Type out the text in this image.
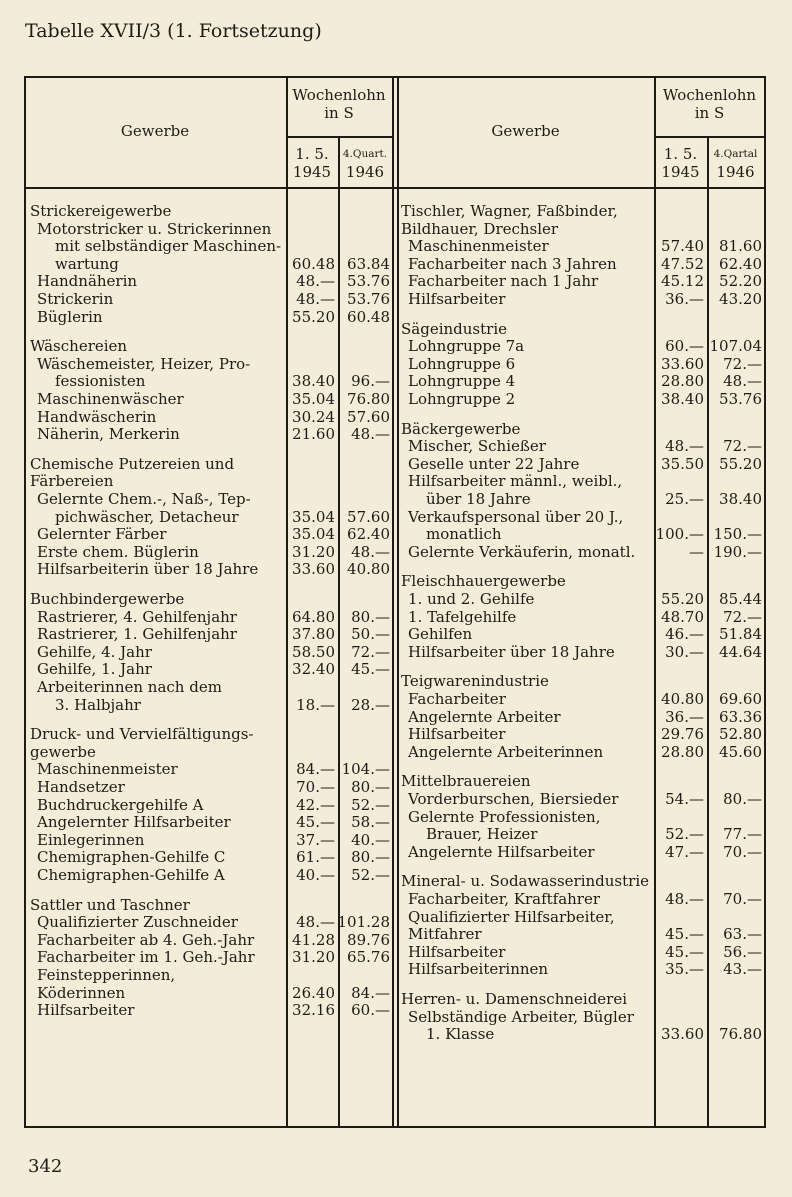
Tabelle XVII/3 (1. Fortsetzung)
Gewerbe
Wochenlohn
in S
1. 5.
1945
4.Quart.
1946
Gewerbe
Wochenlohn
in S
1. 5.
1945
4.Qartal
1946
Strickereigewerbe
Motorstricker u. Strickerinnen
mit selbständiger Maschinen-
wartung	60.48 63.84
Handnäherin	48.— 53.76
Strickerin	48.— 53.76
Büglerin	55.20 60.48
Wäschereien
Wäschemeister, Heizer, Pro-
fessionisten	38.40 96.—
Maschinenwäscher	35.04 76.80
Handwäscherin	30.24 57.60
Näherin, Merkerin	21.60 48.—
Chemische Putzereien und
Färbereien
Gelernte Chem.-, Naß-, Tep-
pichwäscher, Detacheur	35.04 57.60
Gelernter Färber	35.04 62.40
Erste chem. Büglerin	31.20 48.—
Hilfsarbeiterin über 18 Jahre 33.60 40.80
Buchbindergewerbe
Rastrierer, 4. Gehilfenjahr	64.80 80.—
Rastrierer, 1. Gehilfenjahr	37.80 50.—
Gehilfe, 4. Jahr	58.50 72.—
Gehilfe, 1. Jahr	32.40 45.—
Arbeiterinnen nach dem
3. Halbjahr	18.— 28.—
Druck- und Vervielfältigungs-
gewerbe
Maschinenmeister	84.— 104.—
Handsetzer	70.— 80.—
Buchdruckergehilfe A	42.— 52.—
Angelernter Hilfsarbeiter	45.— 58.—
Einlegerinnen	37.— 40.—
Chemigraphen-Gehilfe C	61.— 80.—
Chemigraphen-Gehilfe A	40.— 52.—
Sattler und Taschner
Qualifizierter Zuschneider	48.— 101.28
Facharbeiter ab 4. Geh.-Jahr	41.28 89.76
Facharbeiter im 1. Geh.-Jahr 31.20 65.76
Feinstepperinnen,
Köderinnen	26.40 84.—
Hilfsarbeiter	32.16 60.—
Tischler, Wagner, Faßbinder,
Bildhauer, Drechsler
Maschinenmeister	57.40 81.60
Facharbeiter nach 3 Jahren	47.52 62.40
Facharbeiter nach 1 Jahr	45.12 52.20
Hilfsarbeiter	36.— 43.20
Sägeindustrie
Lohngruppe 7a	60.— 107.04
Lohngruppe 6	33.60 72.—
Lohngruppe 4	28.80 48.—
Lohngruppe 2	38.40 53.76
Bäckergewerbe
Mischer, Schießer	48.— 72.—
Geselle unter 22 Jahre	35.50 55.20
Hilfsarbeiter männl., weibl.,
über 18 Jahre	25.— 38.40
Verkaufspersonal über 20 J.,
monatlich	100.— 150.—
Gelernte Verkäuferin, monatl.	— 190.—
Fleischhauergewerbe
1. und 2. Gehilfe	55.20 85.44
1. Tafelgehilfe	48.70 72.—
Gehilfen	46.— 51.84
Hilfsarbeiter über 18 Jahre	30.— 44.64
Teigwarenindustrie
Facharbeiter	40.80 69.60
Angelernte Arbeiter	36.— 63.36
Hilfsarbeiter	29.76 52.80
Angelernte Arbeiterinnen	28.80 45.60
Mittelbrauereien
Vorderburschen, Biersieder	54.— 80.—
Gelernte Professionisten,
Brauer, Heizer	52.— 77.—
Angelernte Hilfsarbeiter	47.— 70.—
Mineral- u. Sodawasserindustrie
Facharbeiter, Kraftfahrer	48.— 70.—
Qualifizierter Hilfsarbeiter,
Mitfahrer	45.— 63.—
Hilfsarbeiter	45.— 56.—
Hilfsarbeiterinnen	35.— 43.—
Herren- u. Damenschneiderei
Selbständige Arbeiter, Bügler
1. Klasse	33.60 76.80
342
